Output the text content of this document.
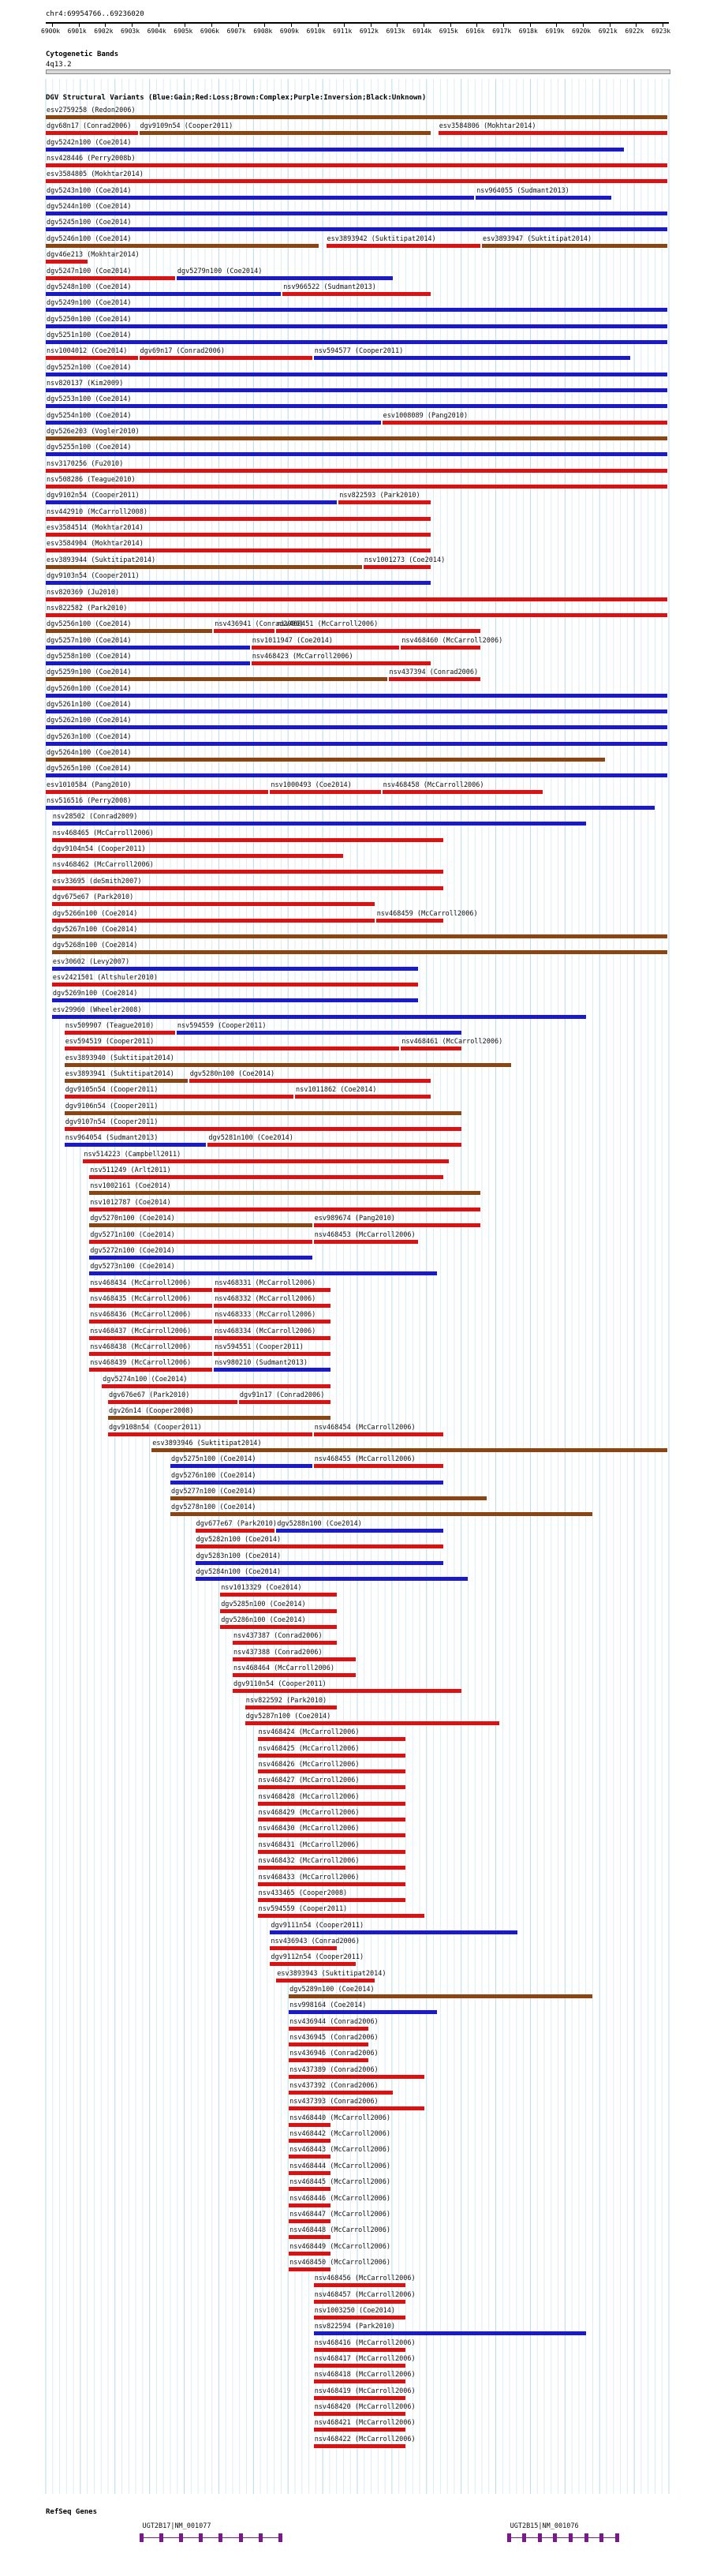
chr4:69954766..69236020
6900k 6901k 6902k 6903k 6904k 6905k 6906k 6907k 6908k 6909k 6910k 6911k 6912k 6913k 6914k 6915k 6916k 6917k 6918k 6919k 6920k 6921k 6922k 6923k
Cytogenetic Bands
4q13.2
DGV Structural Variants (Blue:Gain;Red:Loss;Brown:Complex;Purple:Inversion;Black:Unknown)
esv2759258 (Redon2006)
dgv68n17 (Conrad2006) dgv9109n54 (Cooper2011)	esv3584806 (Mokhtar2014)
dgv5242n100 (Coe2014)
nsv428446 (Perry2008b)
esv3584805 (Mokhtar2014)
dgv5243n100 (Coe2014)	nsv964055 (Sudmant2013)
dgv5244n100 (Coe2014)
dgv5245n100 (Coe2014)
dgv5246n100 (Coe2014)	esv3893942 (Suktitipat2014)	esv3893947 (Suktitipat2014)
dgv46e213 (Mokhtar2014)
dgv5247n100 (Coe2014)	dgv5279n100 (Coe2014)
dgv5248n100 (Coe2014)	nsv966522 (Sudmant2013)
dgv5249n100 (Coe2014)
dgv5250n100 (Coe2014)
dgv5251n100 (Coe2014)
nsv1004012 (Coe2014) dgv69n17 (Conrad2006)	nsv594577 (Cooper2011)
dgv5252n100 (Coe2014)
nsv820137 (Kim2009)
dgv5253n100 (Coe2014)
dgv5254n100 (Coe2014)	esv1008089 (Pang2010)
dgv526e203 (Vogler2010)
dgv5255n100 (Coe2014)
nsv3170256 (Fu2010)
nsv508286 (Teague2010)
dgv9102n54 (Cooper2011)	nsv822593 (Park2010)
nsv442910 (McCarroll2008)
esv3584514 (Mokhtar2014)
esv3584904 (Mokhtar2014)
esv3893944 (Suktitipat2014)	nsv1001273 (Coe2014)
dgv9103n54 (Cooper2011)
nsv820369 (Ju2010)
nsv822582 (Park2010)
dgv5256n100 (Coe2014)	nsv436941 (Conrad2006)
nsv468451 (McCarroll2006)
dgv5257n100 (Coe2014)	nsv1011947 (Coe2014)	nsv468460 (McCarroll2006)
dgv5258n100 (Coe2014)	nsv468423 (McCarroll2006)
dgv5259n100 (Coe2014)	nsv437394 (Conrad2006)
dgv5260n100 (Coe2014)
dgv5261n100 (Coe2014)
dgv5262n100 (Coe2014)
dgv5263n100 (Coe2014)
dgv5264n100 (Coe2014)
dgv5265n100 (Coe2014)
esv1010584 (Pang2010)	nsv1000493 (Coe2014)	nsv468458 (McCarroll2006)
nsv516516 (Perry2008)
nsv28502 (Conrad2009)
nsv468465 (McCarroll2006)
dgv9104n54 (Cooper2011)
nsv468462 (McCarroll2006)
esv33695 (deSmith2007)
dgv675e67 (Park2010)
dgv5266n100 (Coe2014)	nsv468459 (McCarroll2006)
dgv5267n100 (Coe2014)
dgv5268n100 (Coe2014)
esv30602 (Levy2007)
esv2421501 (Altshuler2010)
dgv5269n100 (Coe2014)
esv29960 (Wheeler2008)
nsv509907 (Teague2010)	nsv594559 (Cooper2011)
esv594519 (Cooper2011)	nsv468461 (McCarroll2006)
esv3893940 (Suktitipat2014)
esv3893941 (Suktitipat2014) dgv5280n100 (Coe2014)
dgv9105n54 (Cooper2011)	nsv1011862 (Coe2014)
dgv9106n54 (Cooper2011)
dgv9107n54 (Cooper2011)
nsv964054 (Sudmant2013)	dgv5281n100 (Coe2014)
nsv514223 (Campbell2011)
nsv511249 (Arlt2011)
nsv1002161 (Coe2014)
nsv1012787 (Coe2014)
dgv5270n100 (Coe2014)	esv989674 (Pang2010)
dgv5271n100 (Coe2014)	nsv468453 (McCarroll2006)
dgv5272n100 (Coe2014)
dgv5273n100 (Coe2014)
nsv468434 (McCarroll2006)	nsv468331 (McCarroll2006)
nsv468435 (McCarroll2006)	nsv468332 (McCarroll2006)
nsv468436 (McCarroll2006)	nsv468333 (McCarroll2006)
nsv468437 (McCarroll2006)	nsv468334 (McCarroll2006)
nsv468438 (McCarroll2006)	nsv594551 (Cooper2011)
nsv468439 (McCarroll2006)	nsv980210 (Sudmant2013)
dgv5274n100 (Coe2014)
dgv676e67 (Park2010)	dgv91n17 (Conrad2006)
dgv26n14 (Cooper2008)
dgv9108n54 (Cooper2011)	nsv468454 (McCarroll2006)
esv3893946 (Suktitipat2014)
dgv5275n100 (Coe2014)	nsv468455 (McCarroll2006)
dgv5276n100 (Coe2014)
dgv5277n100 (Coe2014)
dgv5278n100 (Coe2014)
dgv677e67 (Park2010) dgv5288n100 (Coe2014)
dgv5282n100 (Coe2014)
dgv5283n100 (Coe2014)
dgv5284n100 (Coe2014)
nsv1013329 (Coe2014)
dgv5285n100 (Coe2014)
dgv5286n100 (Coe2014)
nsv437387 (Conrad2006)
nsv437388 (Conrad2006)
nsv468464 (McCarroll2006)
dgv9110n54 (Cooper2011)
nsv822592 (Park2010)
dgv5287n100 (Coe2014)
nsv468424 (McCarroll2006)
nsv468425 (McCarroll2006)
nsv468426 (McCarroll2006)
nsv468427 (McCarroll2006)
nsv468428 (McCarroll2006)
nsv468429 (McCarroll2006)
nsv468430 (McCarroll2006)
nsv468431 (McCarroll2006)
nsv468432 (McCarroll2006)
nsv468433 (McCarroll2006)
nsv433465 (Cooper2008)
nsv594559 (Cooper2011)
dgv9111n54 (Cooper2011)
nsv436943 (Conrad2006)
dgv9112n54 (Cooper2011)
esv3893943 (Suktitipat2014)
dgv5289n100 (Coe2014)
nsv998164 (Coe2014)
nsv436944 (Conrad2006)
nsv436945 (Conrad2006)
nsv436946 (Conrad2006)
nsv437389 (Conrad2006)
nsv437392 (Conrad2006)
nsv437393 (Conrad2006)
nsv468440 (McCarroll2006)
nsv468442 (McCarroll2006)
nsv468443 (McCarroll2006)
nsv468444 (McCarroll2006)
nsv468445 (McCarroll2006)
nsv468446 (McCarroll2006)
nsv468447 (McCarroll2006)
nsv468448 (McCarroll2006)
nsv468449 (McCarroll2006)
nsv468450 (McCarroll2006)
nsv468456 (McCarroll2006)
nsv468457 (McCarroll2006)
nsv1003250 (Coe2014)
nsv822594 (Park2010)
nsv468416 (McCarroll2006)
nsv468417 (McCarroll2006)
nsv468418 (McCarroll2006)
nsv468419 (McCarroll2006)
nsv468420 (McCarroll2006)
nsv468421 (McCarroll2006)
nsv468422 (McCarroll2006)
RefSeq Genes
UGT2B17|NM_001077	UGT2B15|NM_001076
